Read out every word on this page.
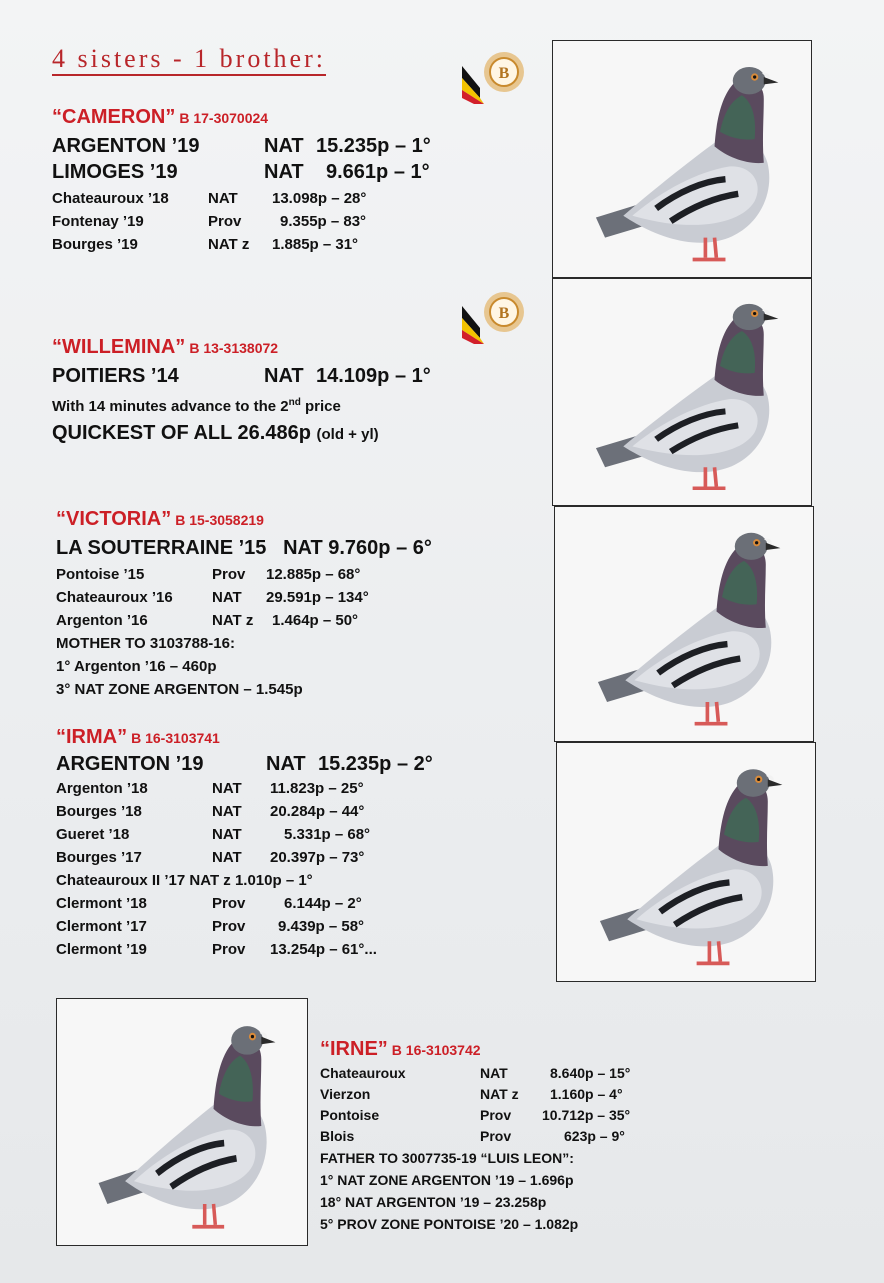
4 sisters - 1 brother:
B
B
“CAMERON” B 17-3070024
ARGENTON ’19	NAT	15.235p – 1°
LIMOGES ’19	NAT	9.661p – 1°
Chateauroux ’18	NAT	13.098p – 28°
Fontenay ’19	Prov	9.355p – 83°
Bourges ’19	NAT z	1.885p – 31°
“WILLEMINA” B 13-3138072
POITIERS ’14	NAT	14.109p – 1°
With 14 minutes advance to the 2nd price
QUICKEST OF ALL 26.486p (old + yl)
“VICTORIA” B 15-3058219
LA SOUTERRAINE ’15   NAT 9.760p – 6°
Pontoise ’15	Prov	12.885p – 68°
Chateauroux ’16	NAT	29.591p – 134°
Argenton ’16	NAT z	1.464p – 50°
MOTHER TO 3103788-16:
1° Argenton ’16 – 460p
3° NAT ZONE ARGENTON – 1.545p
“IRMA” B 16-3103741
ARGENTON ’19	NAT	15.235p – 2°
Argenton ’18	NAT	11.823p – 25°
Bourges ’18	NAT	20.284p – 44°
Gueret ’18	NAT	5.331p – 68°
Bourges ’17	NAT	20.397p – 73°
Chateauroux II ’17 NAT z 1.010p – 1°		
Clermont ’18	Prov	6.144p – 2°
Clermont ’17	Prov	9.439p – 58°
Clermont ’19	Prov	13.254p – 61°...
“IRNE” B 16-3103742
Chateauroux	NAT	8.640p – 15°
Vierzon	NAT z	1.160p – 4°
Pontoise	Prov	10.712p – 35°
Blois	Prov	623p – 9°
FATHER TO 3007735-19 “LUIS LEON”:
1° NAT ZONE ARGENTON ’19 – 1.696p
18° NAT ARGENTON ’19 – 23.258p
5° PROV ZONE PONTOISE ’20 – 1.082p
